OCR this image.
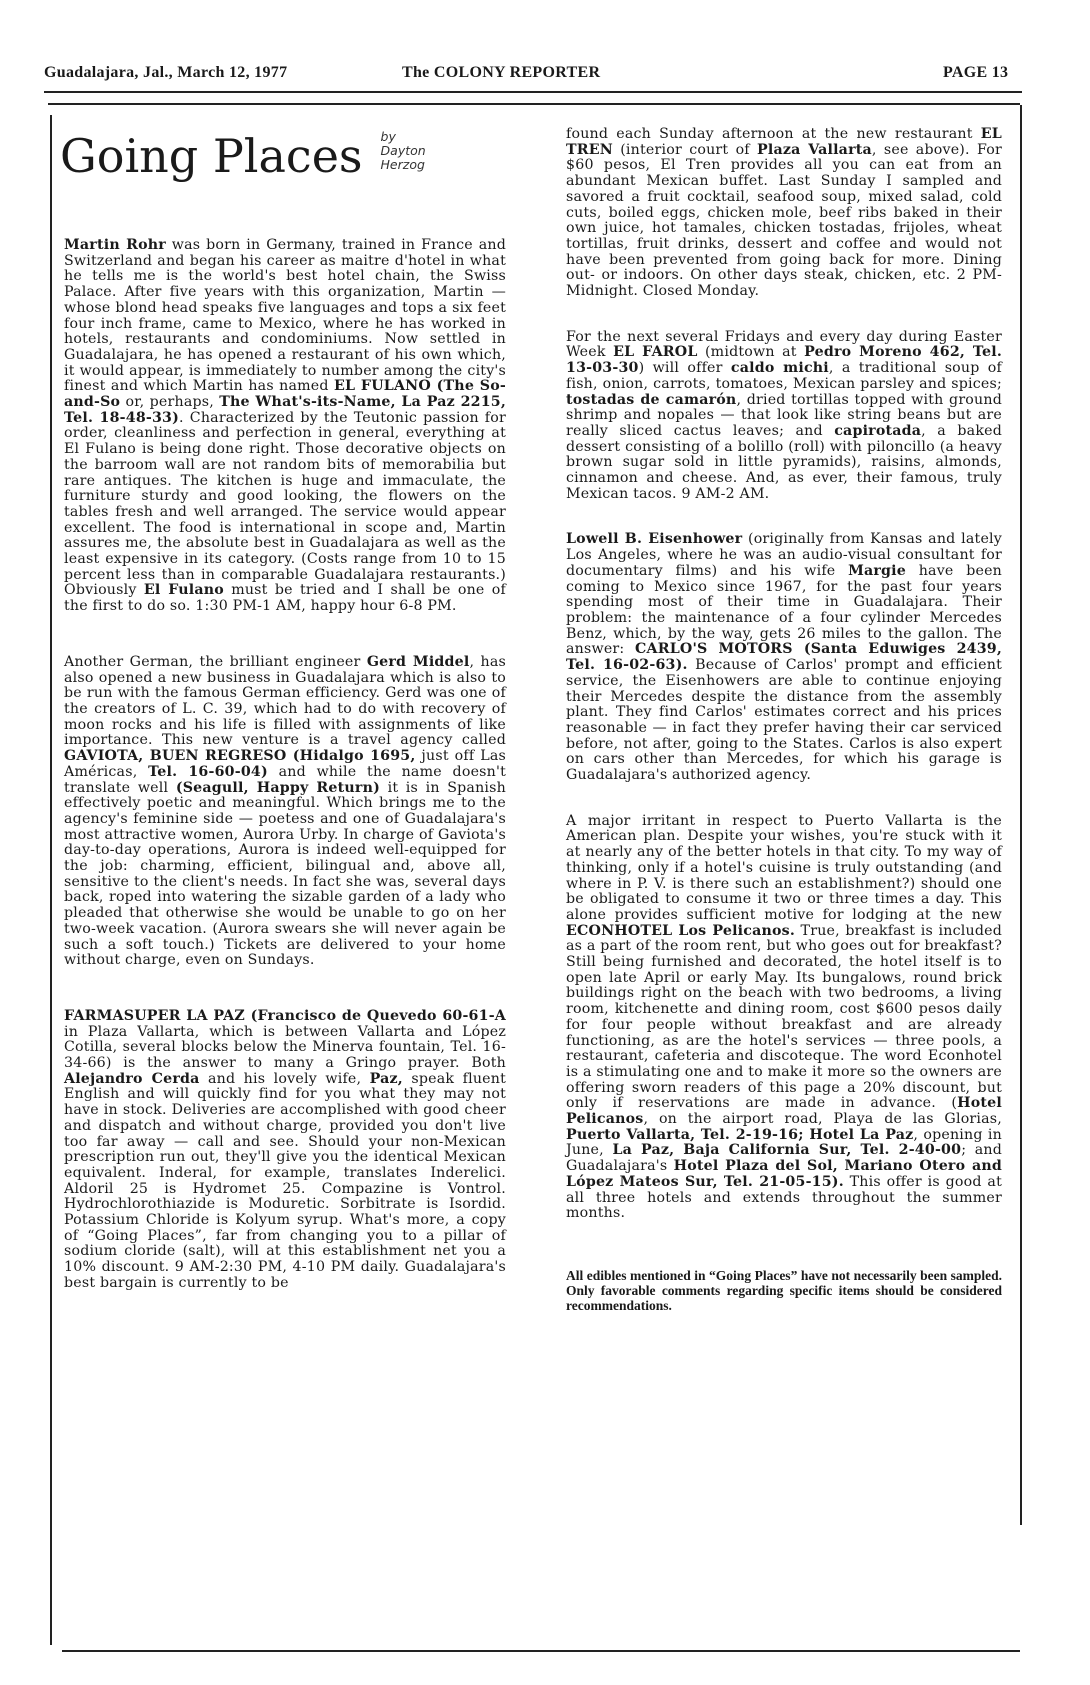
Guadalajara, Jal., March 12, 1977	The COLONY REPORTER	PAGE 13
Going Places by
Dayton
Herzog
Martin Rohr was born in Germany, trained in France and Switzerland and began his career as maitre d'hotel in what he tells me is the world's best hotel chain, the Swiss Palace. After five years with this organization, Martin — whose blond head speaks five languages and tops a six feet four inch frame, came to Mexico, where he has worked in hotels, restaurants and condominiums. Now settled in Guadalajara, he has opened a restaurant of his own which, it would appear, is immediately to number among the city's finest and which Martin has named EL FULANO (The So-and-So or, perhaps, The What's-its-Name, La Paz 2215, Tel. 18-48-33). Characterized by the Teutonic passion for order, cleanliness and perfection in general, everything at El Fulano is being done right. Those decorative objects on the barroom wall are not random bits of memorabilia but rare antiques. The kitchen is huge and immaculate, the furniture sturdy and good looking, the flowers on the tables fresh and well arranged. The service would appear excellent. The food is international in scope and, Martin assures me, the absolute best in Guadalajara as well as the least expensive in its category. (Costs range from 10 to 15 percent less than in comparable Guadalajara restaurants.) Obviously El Fulano must be tried and I shall be one of the first to do so. 1:30 PM-1 AM, happy hour 6-8 PM.
Another German, the brilliant engineer Gerd Middel, has also opened a new business in Guadalajara which is also to be run with the famous German efficiency. Gerd was one of the creators of L. C. 39, which had to do with recovery of moon rocks and his life is filled with assignments of like importance. This new venture is a travel agency called GAVIOTA, BUEN REGRESO (Hidalgo 1695, just off Las Américas, Tel. 16-60-04) and while the name doesn't translate well (Seagull, Happy Return) it is in Spanish effectively poetic and meaningful. Which brings me to the agency's feminine side — poetess and one of Guadalajara's most attractive women, Aurora Urby. In charge of Gaviota's day-to-day operations, Aurora is indeed well-equipped for the job: charming, efficient, bilingual and, above all, sensitive to the client's needs. In fact she was, several days back, roped into watering the sizable garden of a lady who pleaded that otherwise she would be unable to go on her two-week vacation. (Aurora swears she will never again be such a soft touch.) Tickets are delivered to your home without charge, even on Sundays.
FARMASUPER LA PAZ (Francisco de Quevedo 60-61-A in Plaza Vallarta, which is between Vallarta and López Cotilla, several blocks below the Minerva fountain, Tel. 16-34-66) is the answer to many a Gringo prayer. Both Alejandro Cerda and his lovely wife, Paz, speak fluent English and will quickly find for you what they may not have in stock. Deliveries are accomplished with good cheer and dispatch and without charge, provided you don't live too far away — call and see. Should your non-Mexican prescription run out, they'll give you the identical Mexican equivalent. Inderal, for example, translates Inderelici. Aldoril 25 is Hydromet 25. Compazine is Vontrol. Hydrochlorothiazide is Moduretic. Sorbitrate is Isordid. Potassium Chloride is Kolyum syrup. What's more, a copy of “Going Places”, far from changing you to a pillar of sodium cloride (salt), will at this establishment net you a 10% discount. 9 AM-2:30 PM, 4-10 PM daily. Guadalajara's best bargain is currently to be
found each Sunday afternoon at the new restaurant EL TREN (interior court of Plaza Vallarta, see above). For $60 pesos, El Tren provides all you can eat from an abundant Mexican buffet. Last Sunday I sampled and savored a fruit cocktail, seafood soup, mixed salad, cold cuts, boiled eggs, chicken mole, beef ribs baked in their own juice, hot tamales, chicken tostadas, frijoles, wheat tortillas, fruit drinks, dessert and coffee and would not have been prevented from going back for more. Dining out- or indoors. On other days steak, chicken, etc. 2 PM-Midnight. Closed Monday.
For the next several Fridays and every day during Easter Week EL FAROL (midtown at Pedro Moreno 462, Tel. 13-03-30) will offer caldo michi, a traditional soup of fish, onion, carrots, tomatoes, Mexican parsley and spices; tostadas de camarón, dried tortillas topped with ground shrimp and nopales — that look like string beans but are really sliced cactus leaves; and capirotada, a baked dessert consisting of a bolillo (roll) with piloncillo (a heavy brown sugar sold in little pyramids), raisins, almonds, cinnamon and cheese. And, as ever, their famous, truly Mexican tacos. 9 AM-2 AM.
Lowell B. Eisenhower (originally from Kansas and lately Los Angeles, where he was an audio-visual consultant for documentary films) and his wife Margie have been coming to Mexico since 1967, for the past four years spending most of their time in Guadalajara. Their problem: the maintenance of a four cylinder Mercedes Benz, which, by the way, gets 26 miles to the gallon. The answer: CARLO'S MOTORS (Santa Eduwiges 2439, Tel. 16-02-63). Because of Carlos' prompt and efficient service, the Eisenhowers are able to continue enjoying their Mercedes despite the distance from the assembly plant. They find Carlos' estimates correct and his prices reasonable — in fact they prefer having their car serviced before, not after, going to the States. Carlos is also expert on cars other than Mercedes, for which his garage is Guadalajara's authorized agency.
A major irritant in respect to Puerto Vallarta is the American plan. Despite your wishes, you're stuck with it at nearly any of the better hotels in that city. To my way of thinking, only if a hotel's cuisine is truly outstanding (and where in P. V. is there such an establishment?) should one be obligated to consume it two or three times a day. This alone provides sufficient motive for lodging at the new ECONHOTEL Los Pelicanos. True, breakfast is included as a part of the room rent, but who goes out for breakfast? Still being furnished and decorated, the hotel itself is to open late April or early May. Its bungalows, round brick buildings right on the beach with two bedrooms, a living room, kitchenette and dining room, cost $600 pesos daily for four people without breakfast and are already functioning, as are the hotel's services — three pools, a restaurant, cafeteria and discoteque. The word Econhotel is a stimulating one and to make it more so the owners are offering sworn readers of this page a 20% discount, but only if reservations are made in advance. (Hotel Pelicanos, on the airport road, Playa de las Glorias, Puerto Vallarta, Tel. 2-19-16; Hotel La Paz, opening in June, La Paz, Baja California Sur, Tel. 2-40-00; and Guadalajara's Hotel Plaza del Sol, Mariano Otero and López Mateos Sur, Tel. 21-05-15). This offer is good at all three hotels and extends throughout the summer months.
All edibles mentioned in “Going Places” have not necessarily been sampled. Only favorable comments regarding specific items should be considered recommendations.
